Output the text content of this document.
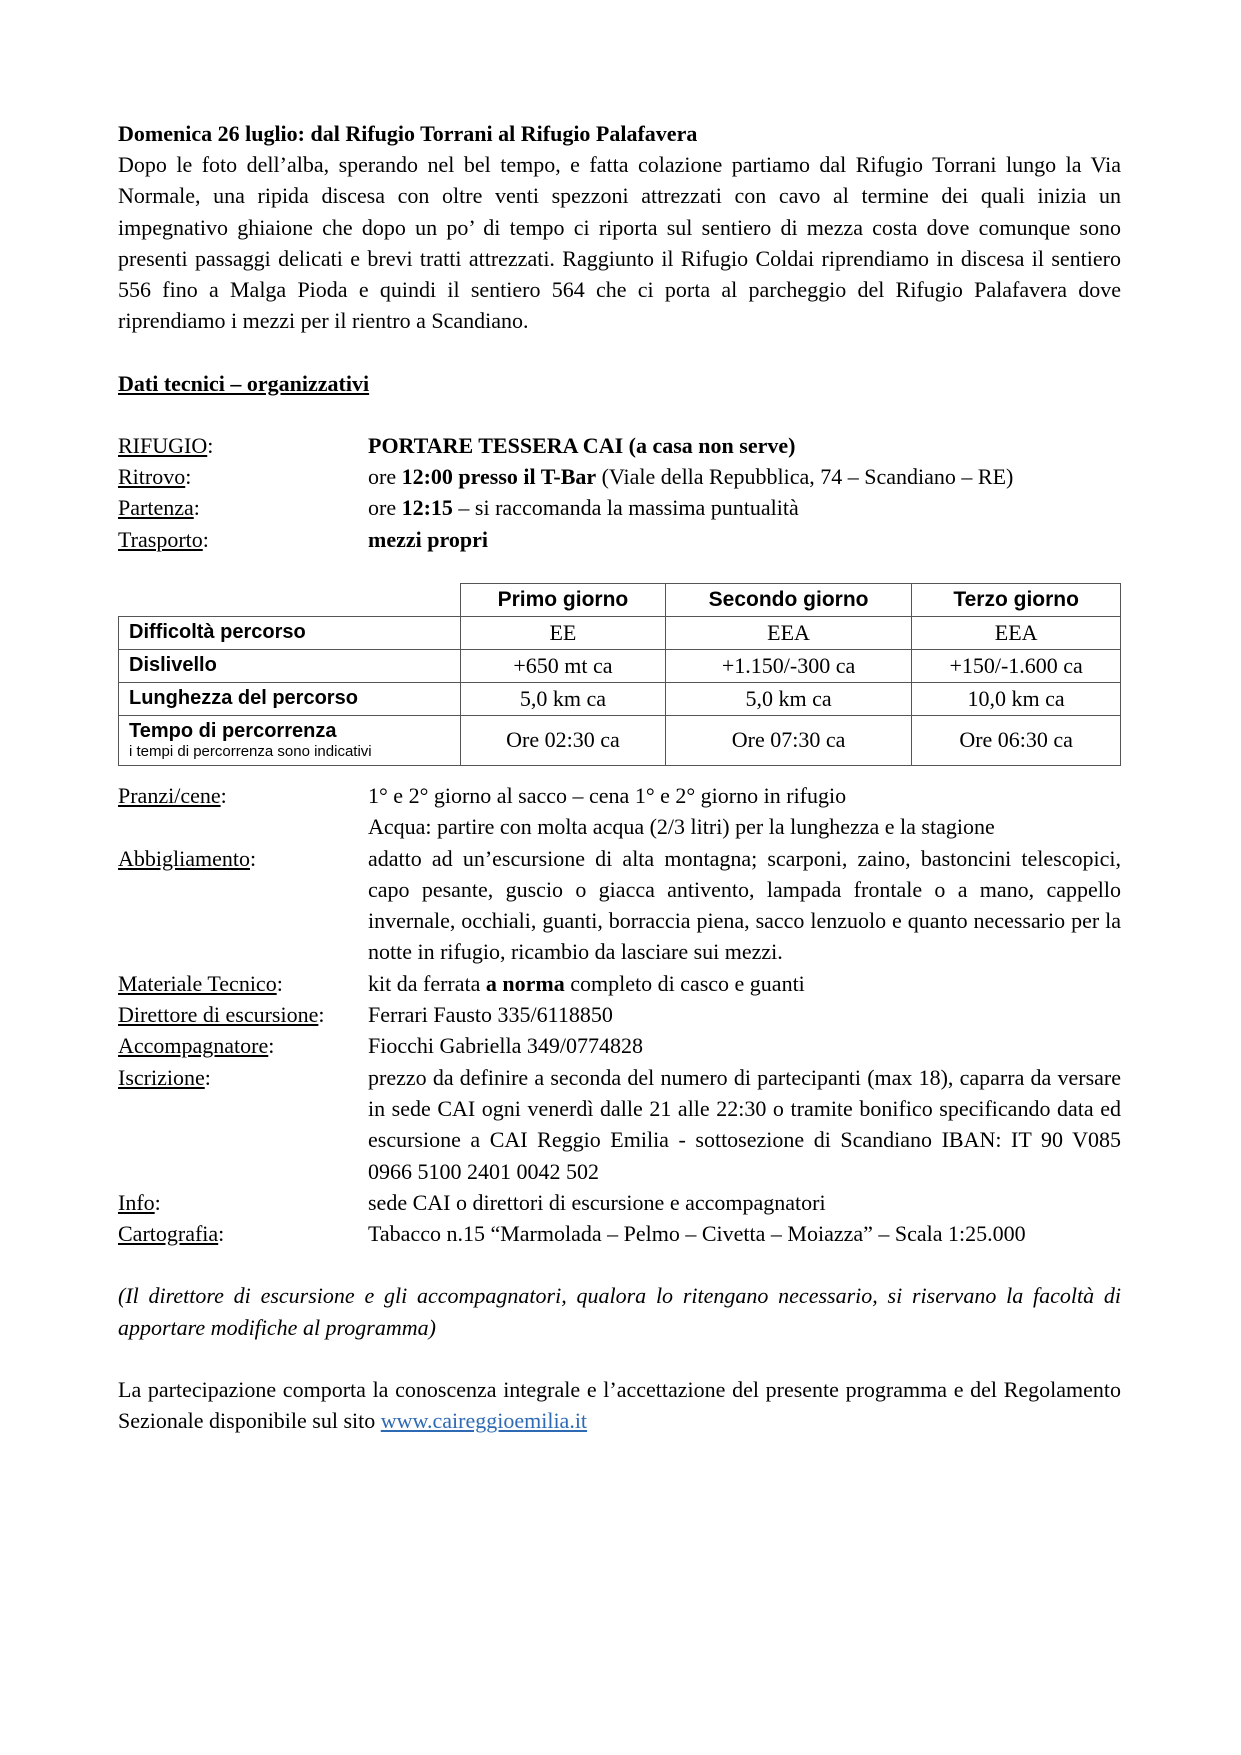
Domenica 26 luglio: dal Rifugio Torrani al Rifugio Palafavera
Dopo le foto dell’alba, sperando nel bel tempo, e fatta colazione partiamo dal Rifugio Torrani lungo la Via Normale, una ripida discesa con oltre venti spezzoni attrezzati con cavo al termine dei quali inizia un impegnativo ghiaione che dopo un po’ di tempo ci riporta sul sentiero di mezza costa dove comunque sono presenti passaggi delicati e brevi tratti attrezzati. Raggiunto il Rifugio Coldai riprendiamo in discesa il sentiero 556 fino a Malga Pioda e quindi il sentiero 564 che ci porta al parcheggio del Rifugio Palafavera dove riprendiamo i mezzi per il rientro a Scandiano.
Dati tecnici – organizzativi
RIFUGIO:	PORTARE TESSERA CAI (a casa non serve)
Ritrovo:	ore 12:00 presso il T-Bar (Viale della Repubblica, 74 – Scandiano – RE)
Partenza:	ore 12:15 – si raccomanda la massima puntualità
Trasporto:	mezzi propri
	Primo giorno	Secondo giorno	Terzo giorno
Difficoltà percorso	EE	EEA	EEA
Dislivello	+650 mt ca	+1.150/-300 ca	+150/-1.600 ca
Lunghezza del percorso	5,0 km ca	5,0 km ca	10,0 km ca
Tempo di percorrenza
i tempi di percorrenza sono indicativi	Ore 02:30 ca	Ore 07:30 ca	Ore 06:30 ca
Pranzi/cene:	1° e 2° giorno al sacco – cena 1° e 2° giorno in rifugio
Acqua: partire con molta acqua (2/3 litri) per la lunghezza e la stagione
Abbigliamento:	adatto ad un’escursione di alta montagna; scarponi, zaino, bastoncini telescopici, capo pesante, guscio o giacca antivento, lampada frontale o a mano, cappello invernale, occhiali, guanti, borraccia piena, sacco lenzuolo e quanto necessario per la notte in rifugio, ricambio da lasciare sui mezzi.
Materiale Tecnico:	kit da ferrata a norma completo di casco e guanti
Direttore di escursione:	Ferrari Fausto 335/6118850
Accompagnatore:	Fiocchi Gabriella 349/0774828
Iscrizione:	prezzo da definire a seconda del numero di partecipanti (max 18), caparra da versare in sede CAI ogni venerdì dalle 21 alle 22:30 o tramite bonifico specificando data ed escursione a CAI Reggio Emilia - sottosezione di Scandiano IBAN: IT 90 V085 0966 5100 2401 0042 502
Info:	sede CAI o direttori di escursione e accompagnatori
Cartografia:	Tabacco n.15 “Marmolada – Pelmo – Civetta – Moiazza” – Scala 1:25.000
(Il direttore di escursione e gli accompagnatori, qualora lo ritengano necessario, si riservano la facoltà di apportare modifiche al programma)
La partecipazione comporta la conoscenza integrale e l’accettazione del presente programma e del Regolamento Sezionale disponibile sul sito www.caireggioemilia.it
